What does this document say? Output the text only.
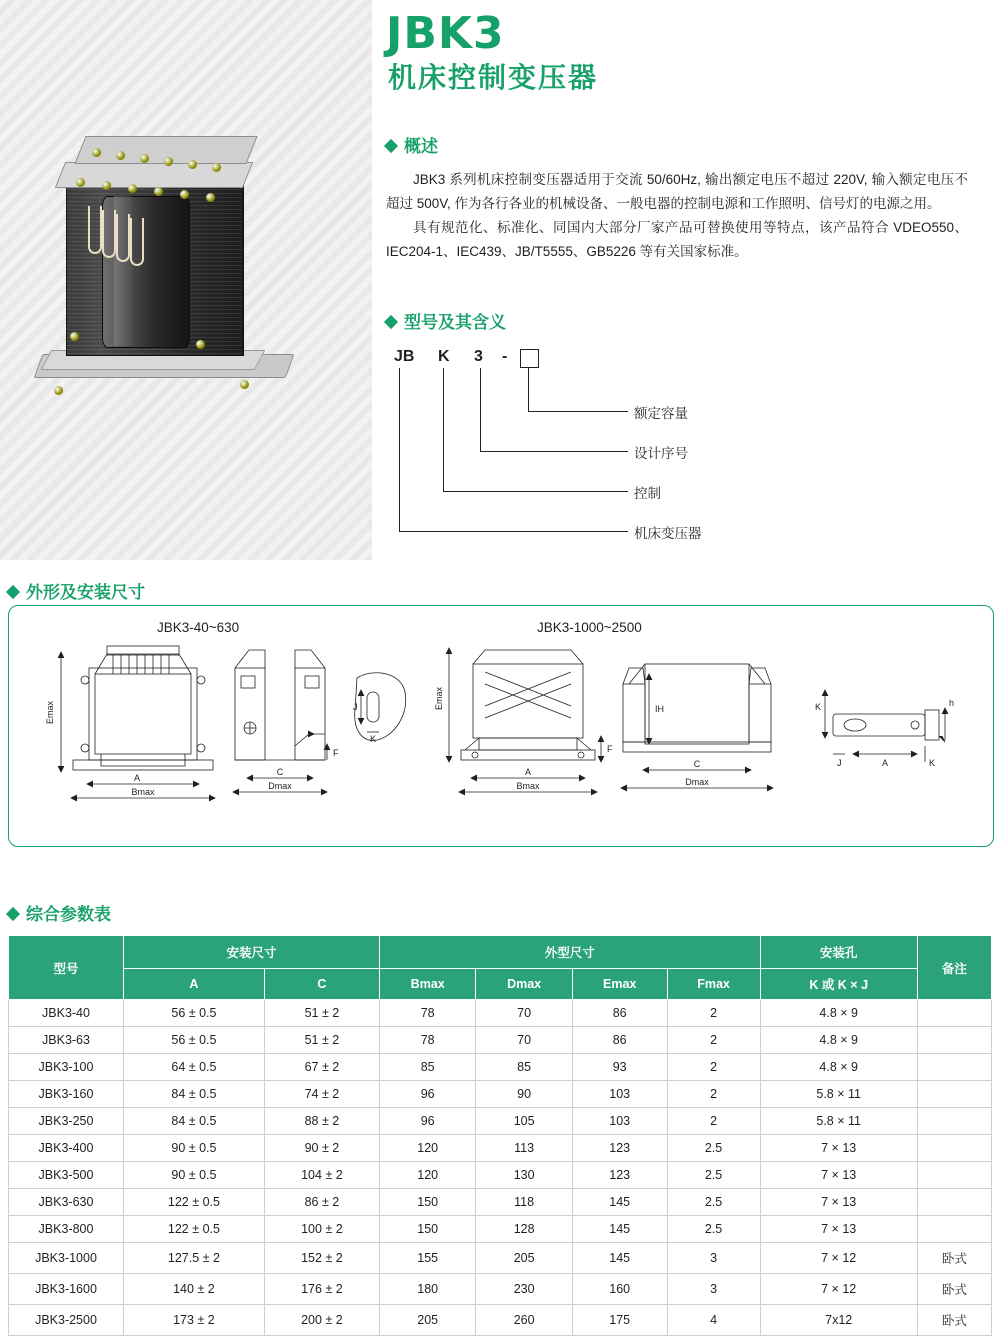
JBK3
机床控制变压器
概述

JBK3 系列机床控制变压器适用于交流 50/60Hz, 输出额定电压不超过 220V, 输入额定电压不超过 500V, 作为各行各业的机械设备、一般电器的控制电源和工作照明、信号灯的电源之用。

具有规范化、标准化、同国内大部分厂家产品可替换使用等特点，该产品符合 VDEO550、IEC204-1、IEC439、JB/T5555、GB5226 等有关国家标准。

型号及其含义
JB K 3 -
额定容量
设计序号
控制
机床变压器
外形及安装尺寸
JBK3-40~630	JBK3-1000~2500
Emax
A
Bmax
F
C
Dmax
J
K
Emax
A
Bmax
F
IH
C
Dmax
K	h
J	A	K
综合参数表
型号	安装尺寸		外型尺寸				安装孔	备注
	A	C	Bmax	Dmax	Emax	Fmax	K 或 K × J	
JBK3-40	56 ± 0.5	51 ± 2	78	70	86	2	4.8 × 9	
JBK3-63	56 ± 0.5	51 ± 2	78	70	86	2	4.8 × 9	
JBK3-100	64 ± 0.5	67 ± 2	85	85	93	2	4.8 × 9	
JBK3-160	84 ± 0.5	74 ± 2	96	90	103	2	5.8 × 11	
JBK3-250	84 ± 0.5	88 ± 2	96	105	103	2	5.8 × 11	
JBK3-400	90 ± 0.5	90 ± 2	120	113	123	2.5	7 × 13	
JBK3-500	90 ± 0.5	104 ± 2	120	130	123	2.5	7 × 13	
JBK3-630	122 ± 0.5	86 ± 2	150	118	145	2.5	7 × 13	
JBK3-800	122 ± 0.5	100 ± 2	150	128	145	2.5	7 × 13	
JBK3-1000	127.5 ± 2	152 ± 2	155	205	145	3	7 × 12	卧式
JBK3-1600	140 ± 2	176 ± 2	180	230	160	3	7 × 12	卧式
JBK3-2500	173 ± 2	200 ± 2	205	260	175	4	7x12	卧式
